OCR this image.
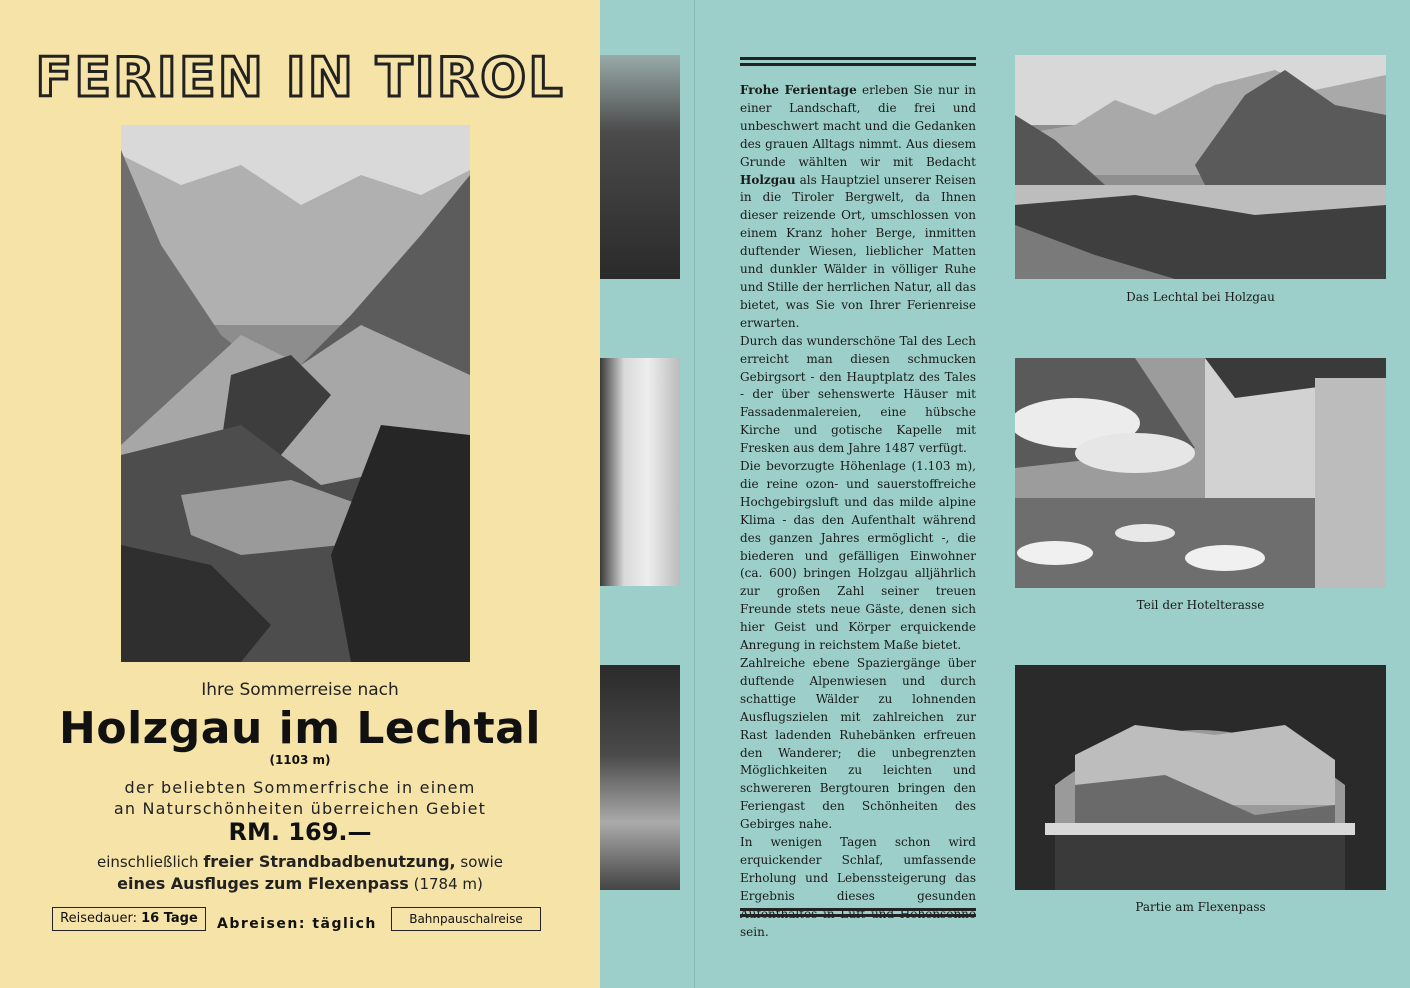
FERIEN IN TIROL
Ihre Sommerreise nach
Holzgau im Lechtal
(1103 m)
der beliebten Sommerfrische in einem
an Naturschönheiten überreichen Gebiet
RM. 169.—
einschließlich freier Strandbadbenutzung, sowie
eines Ausfluges zum Flexenpass (1784 m)
Reisedauer: 16 Tage	Abreisen: täglich	Bahnpauschalreise

Frohe Ferientage erleben Sie nur in einer Landschaft, die frei und unbeschwert macht und die Gedanken des grauen Alltags nimmt. Aus diesem Grunde wählten wir mit Bedacht Holzgau als Hauptziel unserer Reisen in die Tiroler Bergwelt, da Ihnen dieser reizende Ort, umschlossen von einem Kranz hoher Berge, inmitten duftender Wiesen, lieblicher Matten und dunkler Wälder in völliger Ruhe und Stille der herrlichen Natur, all das bietet, was Sie von Ihrer Ferienreise erwarten.

Durch das wunderschöne Tal des Lech erreicht man diesen schmucken Gebirgsort - den Hauptplatz des Tales - der über sehenswerte Häuser mit Fassadenmalereien, eine hübsche Kirche und gotische Kapelle mit Fresken aus dem Jahre 1487 verfügt.

Die bevorzugte Höhenlage (1.103 m), die reine ozon- und sauerstoffreiche Hochgebirgsluft und das milde alpine Klima - das den Aufenthalt während des ganzen Jahres ermöglicht -, die biederen und gefälligen Einwohner (ca. 600) bringen Holzgau alljährlich zur großen Zahl seiner treuen Freunde stets neue Gäste, denen sich hier Geist und Körper erquickende Anregung in reichstem Maße bietet.

Zahlreiche ebene Spaziergänge über duftende Alpenwiesen und durch schattige Wälder zu lohnenden Ausflugszielen mit zahlreichen zur Rast ladenden Ruhebänken erfreuen den Wanderer; die unbegrenzten Möglichkeiten zu leichten und schwereren Bergtouren bringen den Feriengast den Schönheiten des Gebirges nahe.

In wenigen Tagen schon wird erquickender Schlaf, umfassende Erholung und Lebenssteigerung das Ergebnis dieses gesunden Aufenthaltes in Luft und Höhensonne sein.

Das Lechtal bei Holzgau
Teil der Hotelterasse
Partie am Flexenpass
